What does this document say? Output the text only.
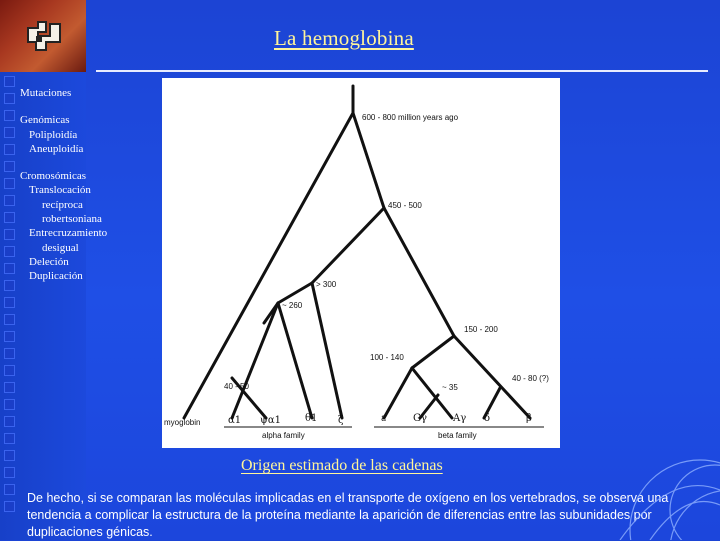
La hemoglobina
Mutaciones
Genómicas
Poliploidía
Aneuploidía
Cromosómicas
Translocación
recíproca
robertsoniana
Entrecruzamiento
desigual
Deleción
Duplicación
600 - 800 million years ago
450 - 500
> 300
~ 260
150 - 200
100 - 140
40 - 50
40 - 80 (?)
~ 35
myoglobin	α1 ψα1 θ1 ζ	ε	Gγ	Aγ δ	β
alpha family	beta family
Origen estimado de las cadenas
De hecho, si se comparan las moléculas implicadas en el transporte de oxígeno en los vertebrados, se observa una tendencia a complicar la estructura de la proteína mediante la aparición de diferencias entre las subunidades por duplicaciones génicas.
